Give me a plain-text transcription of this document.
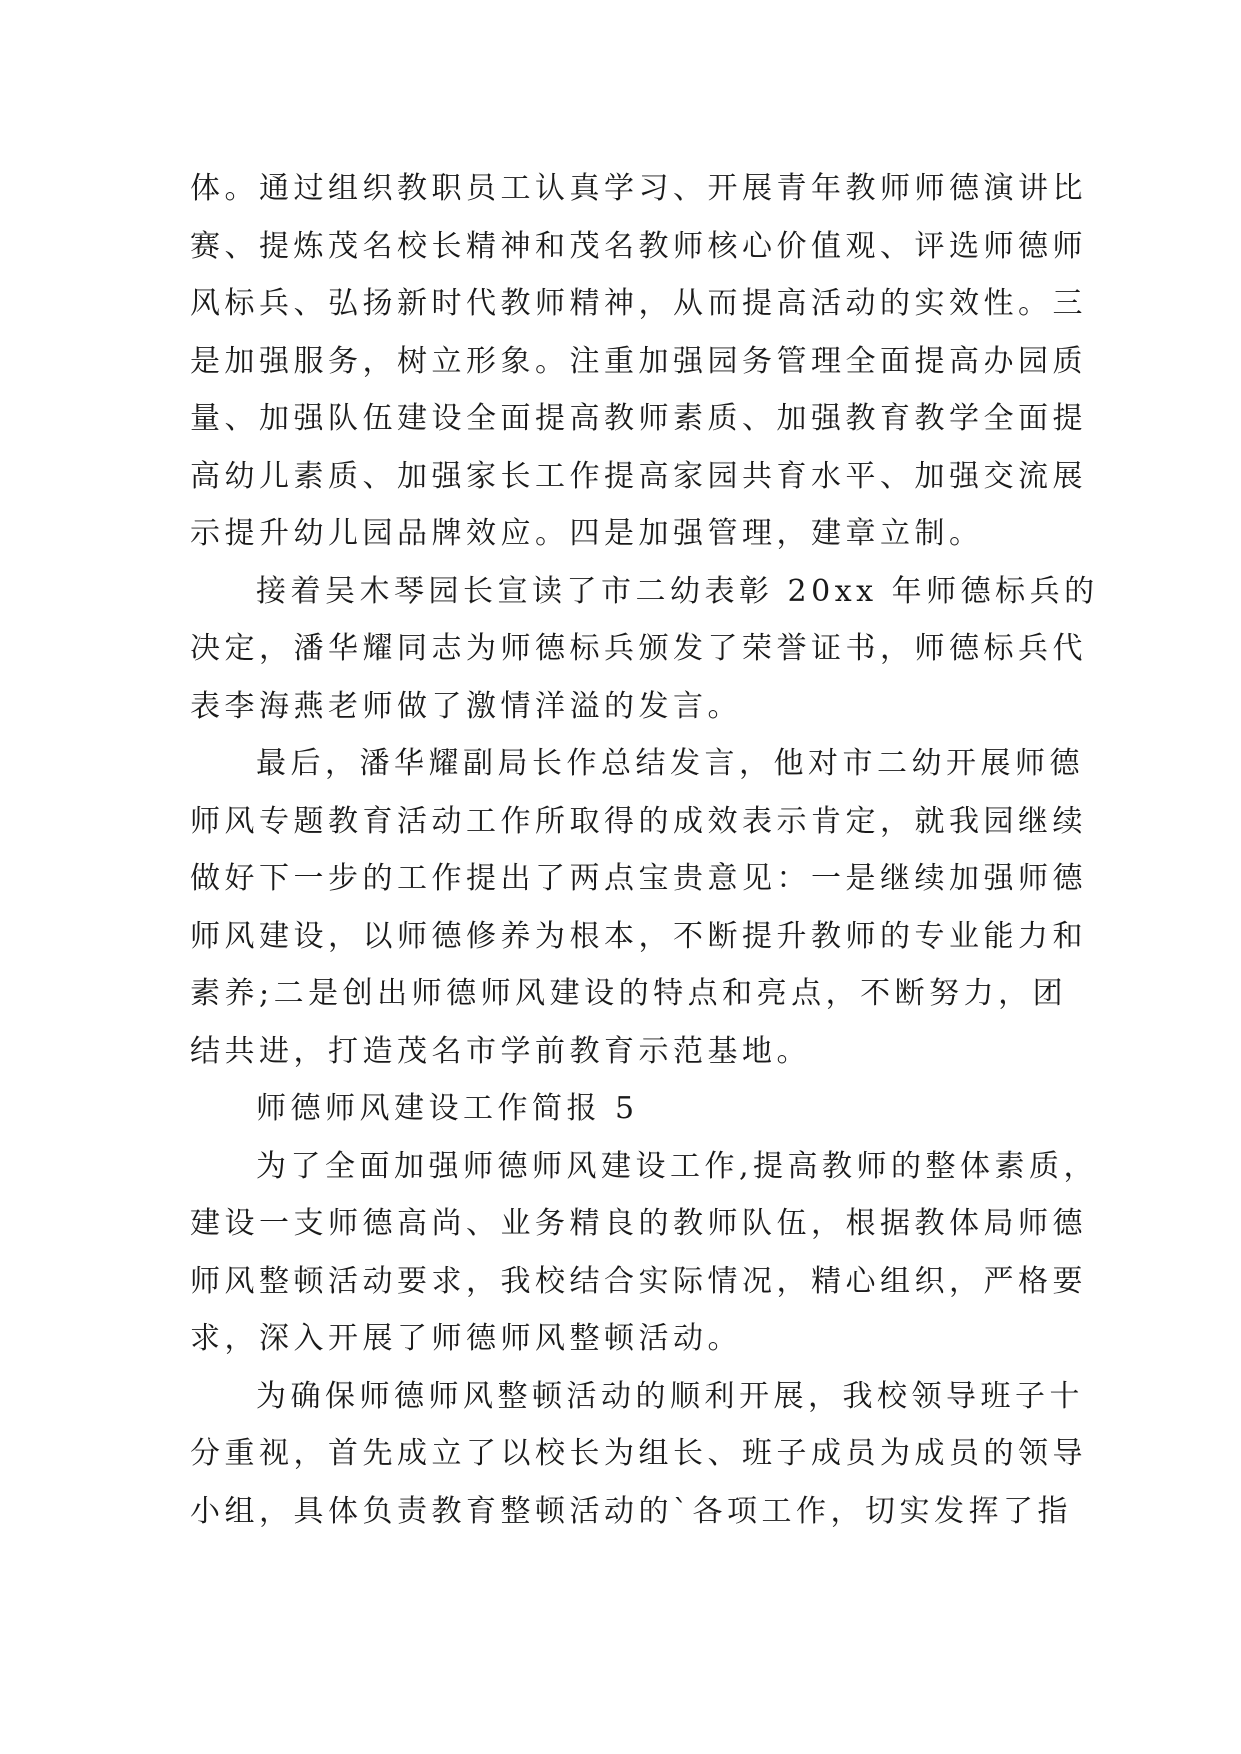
体。通过组织教职员工认真学习、开展青年教师师德演讲比
赛、提炼茂名校长精神和茂名教师核心价值观、评选师德师
风标兵、弘扬新时代教师精神，从而提高活动的实效性。三
是加强服务，树立形象。注重加强园务管理全面提高办园质
量、加强队伍建设全面提高教师素质、加强教育教学全面提
高幼儿素质、加强家长工作提高家园共育水平、加强交流展
示提升幼儿园品牌效应。四是加强管理，建章立制。
接着吴木琴园长宣读了市二幼表彰 20xx 年师德标兵的
决定，潘华耀同志为师德标兵颁发了荣誉证书，师德标兵代
表李海燕老师做了激情洋溢的发言。
最后，潘华耀副局长作总结发言，他对市二幼开展师德
师风专题教育活动工作所取得的成效表示肯定，就我园继续
做好下一步的工作提出了两点宝贵意见：一是继续加强师德
师风建设，以师德修养为根本，不断提升教师的专业能力和
素养;二是创出师德师风建设的特点和亮点，不断努力，团
结共进，打造茂名市学前教育示范基地。
师德师风建设工作简报 5
为了全面加强师德师风建设工作,提高教师的整体素质，
建设一支师德高尚、业务精良的教师队伍，根据教体局师德
师风整顿活动要求，我校结合实际情况，精心组织，严格要
求，深入开展了师德师风整顿活动。
为确保师德师风整顿活动的顺利开展，我校领导班子十
分重视，首先成立了以校长为组长、班子成员为成员的领导
小组，具体负责教育整顿活动的`各项工作，切实发挥了指
